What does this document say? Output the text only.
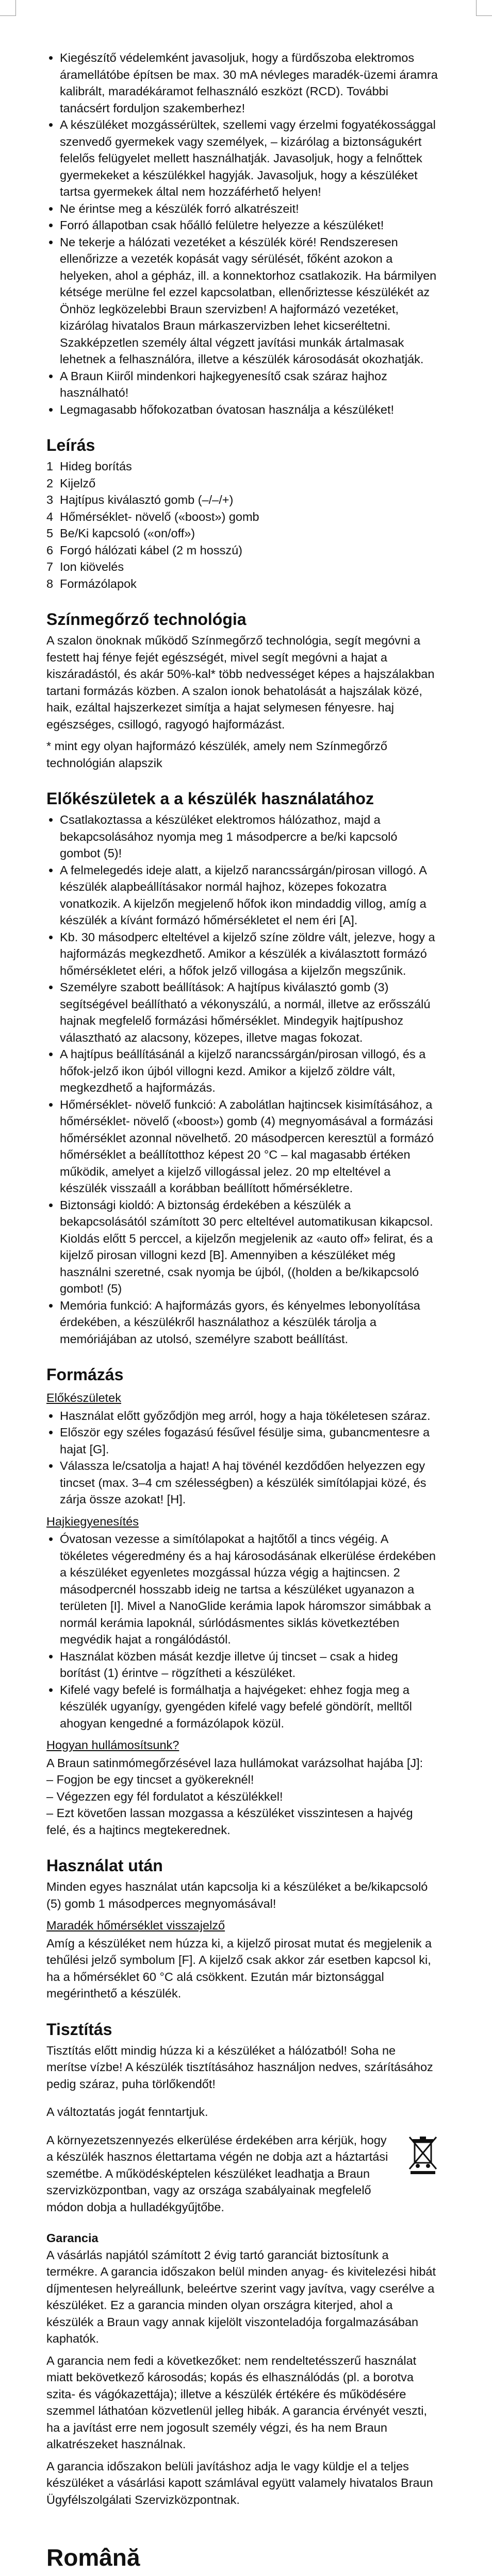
• Kiegészítő védelemként javasoljuk, hogy a fürdőszoba elektromos áramellátóbe építsen be max. 30 mA névleges maradék-üzemi áramra kalibrált, maradékáramot felhasználó eszközt (RCD). További tanácsért forduljon szakemberhez!
• A készüléket mozgássérültek, szellemi vagy érzelmi fogyatékossággal szenvedő gyermekek vagy személyek, – kizárólag a biztonságukért felelős felügyelet mellett használhatják. Javasoljuk, hogy a felnőttek gyermekeket a készülékkel hagyják. Javasoljuk, hogy a készüléket tartsa gyermekek által nem hozzáférhető helyen!
• Ne érintse meg a készülék forró alkatrészeit!
• Forró állapotban csak hőálló felületre helyezze a készüléket!
• Ne tekerje a hálózati vezetéket a készülék köré! Rendszeresen ellenőrizze a vezeték kopását vagy sérülését, főként azokon a helyeken, ahol a gépház, ill. a konnektorhoz csatlakozik. Ha bármilyen kétsége merülne fel ezzel kapcsolatban, ellenőriztesse készülékét az Önhöz legközelebbi Braun szervizben! A hajformázó vezetéket, kizárólag hivatalos Braun márkaszervizben lehet kicseréltetni. Szakképzetlen személy által végzett javítási munkák ártalmasak lehetnek a felhasználóra, illetve a készülék károsodását okozhatják.
• A Braun Kiiről mindenkori hajkegyenesítő csak száraz hajhoz használható!
• Legmagasabb hőfokozatban óvatosan használja a készüléket!
Leírás
1 Hideg borítás
2 Kijelző
3 Hajtípus kiválasztó gomb (–/–/+)
4 Hőmérséklet- növelő («boost») gomb
5 Be/Ki kapcsoló («on/off»)
6 Forgó hálózati kábel (2 m hosszú)
7 Ion kiövelés
8 Formázólapok
Színmegőrző technológia

A szalon önoknak működő Színmegőrző technológia, segít megóvni a festett haj fénye fejét egészségét, mivel segít megóvni a hajat a kiszáradástól, és akár 50%-kal* több nedvességet képes a hajszálakban tartani formázás közben. A szalon ionok behatolását a hajszálak közé, haik, ezáltal hajszerkezet simítja a hajat selymesen fényesre. haj egészséges, csillogó, ragyogó hajformázást.

* mint egy olyan hajformázó készülék, amely nem Színmegőrző technológián alapszik

Előkészületek a a készülék használatához
• Csatlakoztassa a készüléket elektromos hálózathoz, majd a bekapcsolásához nyomja meg 1 másodpercre a be/ki kapcsoló gombot (5)!
• A felmelegedés ideje alatt, a kijelző narancssárgán/pirosan villogó. A készülék alapbeállításakor normál hajhoz, közepes fokozatra vonatkozik. A kijelzőn megjelenő hőfok ikon mindaddig villog, amíg a készülék a kívánt formázó hőmérsékletet el nem éri [A].
• Kb. 30 másodperc elteltével a kijelző színe zöldre vált, jelezve, hogy a hajformázás megkezdhető. Amikor a készülék a kiválasztott formázó hőmérsékletet eléri, a hőfok jelző villogása a kijelzőn megszűnik.
• Személyre szabott beállítások: A hajtípus kiválasztó gomb (3) segítségével beállítható a vékonyszálú, a normál, illetve az erősszálú hajnak megfelelő formázási hőmérséklet. Mindegyik hajtípushoz választható az alacsony, közepes, illetve magas fokozat.
• A hajtípus beállításánál a kijelző narancssárgán/pirosan villogó, és a hőfok-jelző ikon újból villogni kezd. Amikor a kijelző zöldre vált, megkezdhető a hajformázás.
• Hőmérséklet- növelő funkció: A zabolátlan hajtincsek kisimításához, a hőmérséklet- növelő («boost») gomb (4) megnyomásával a formázási hőmérséklet azonnal növelhető. 20 másodpercen keresztül a formázó hőmérséklet a beállítotthoz képest 20 °C – kal magasabb értéken működik, amelyet a kijelző villogással jelez. 20 mp elteltével a készülék visszaáll a korábban beállított hőmérsékletre.
• Biztonsági kioldó: A biztonság érdekében a készülék a bekapcsolásától számított 30 perc elteltével automatikusan kikapcsol. Kioldás előtt 5 perccel, a kijelzőn megjelenik az «auto off» felirat, és a kijelző pirosan villogni kezd [B]. Amennyiben a készüléket még használni szeretné, csak nyomja be újból, ((holden a be/kikapcsoló gombot! (5)
• Memória funkció: A hajformázás gyors, és kényelmes lebonyolítása érdekében, a készülékről használathoz a készülék tárolja a memóriájában az utolsó, személyre szabott beállítást.
Formázás
Előkészületek
• Használat előtt győződjön meg arról, hogy a haja tökéletesen száraz.
• Először egy széles fogazású fésűvel fésülje sima, gubancmentesre a hajat [G].
• Válassza le/csatolja a hajat! A haj tövénél kezdődően helyezzen egy tincset (max. 3–4 cm szélességben) a készülék simítólapjai közé, és zárja össze azokat! [H].
Hajkiegyenesítés
• Óvatosan vezesse a simítólapokat a hajtőtől a tincs végéig. A tökéletes végeredmény és a haj károsodásának elkerülése érdekében a készüléket egyenletes mozgással húzza végig a hajtincsen. 2 másodpercnél hosszabb ideig ne tartsa a készüléket ugyanazon a területen [I]. Mivel a NanoGlide kerámia lapok háromszor simábbak a normál kerámia lapoknál, súrlódásmentes siklás következtében megvédik hajat a rongálódástól.
• Használat közben mását kezdje illetve új tincset – csak a hideg borítást (1) érintve – rögzítheti a készüléket.
• Kifelé vagy befelé is formálhatja a hajvégeket: ehhez fogja meg a készülék ugyanígy, gyengéden kifelé vagy befelé göndörít, melltől ahogyan kengedné a formázólapok közül.
Hogyan hullámosítsunk?

A Braun satinmómegőrzésével laza hullámokat varázsolhat hajába [J]:

– Fogjon be egy tincset a gyökereknél!

– Végezzen egy fél fordulatot a készülékkel!

– Ezt követően lassan mozgassa a készüléket visszintesen a hajvég felé, és a hajtincs megtekerednek.

Használat után

Minden egyes használat után kapcsolja ki a készüléket a be/kikapcsoló (5) gomb 1 másodperces megnyomásával!

Maradék hőmérséklet visszajelző

Amíg a készüléket nem húzza ki, a kijelző pirosat mutat és megjelenik a tehűlési jelző symbolum [F]. A kijelző csak akkor zár esetben kapcsol ki, ha a hőmérséklet 60 °C alá csökkent. Ezután már biztonsággal megérinthető a készülék.

Tisztítás

Tisztítás előtt mindig húzza ki a készüléket a hálózatból! Soha ne merítse vízbe! A készülék tisztításához használjon nedves, szárításához pedig száraz, puha törlőkendőt!

A változtatás jogát fenntartjuk.

A környezetszennyezés elkerülése érdekében arra kérjük, hogy a készülék hasznos élettartama végén ne dobja azt a háztartási szemétbe. A működésképtelen készüléket leadhatja a Braun szervizközpontban, vagy az országa szabályainak megfelelő módon dobja a hulladékgyűjtőbe.

Garancia

A vásárlás napjától számított 2 évig tartó garanciát biztosítunk a termékre. A garancia időszakon belül minden anyag- és kivitelezési hibát díjmentesen helyreállunk, beleértve szerint vagy javítva, vagy cserélve a készüléket. Ez a garancia minden olyan országra kiterjed, ahol a készülék a Braun vagy annak kijelölt viszonteladója forgalmazásában kaphatók.

A garancia nem fedi a következőket: nem rendeltetésszerű használat miatt bekövetkező károsodás; kopás és elhasználódás (pl. a borotva szita- és vágókazettája); illetve a készülék értékére és működésére szemmel láthatóan közvetlenül jelleg hibák. A garancia érvényét veszti, ha a javítást erre nem jogosult személy végzi, és ha nem Braun alkatrészeket használnak.

A garancia időszakon belüli javításhoz adja le vagy küldje el a teljes készüléket a vásárlási kapott számlával együtt valamely hivatalos Braun Ügyfélszolgálati Szervizközpontnak.

Română
